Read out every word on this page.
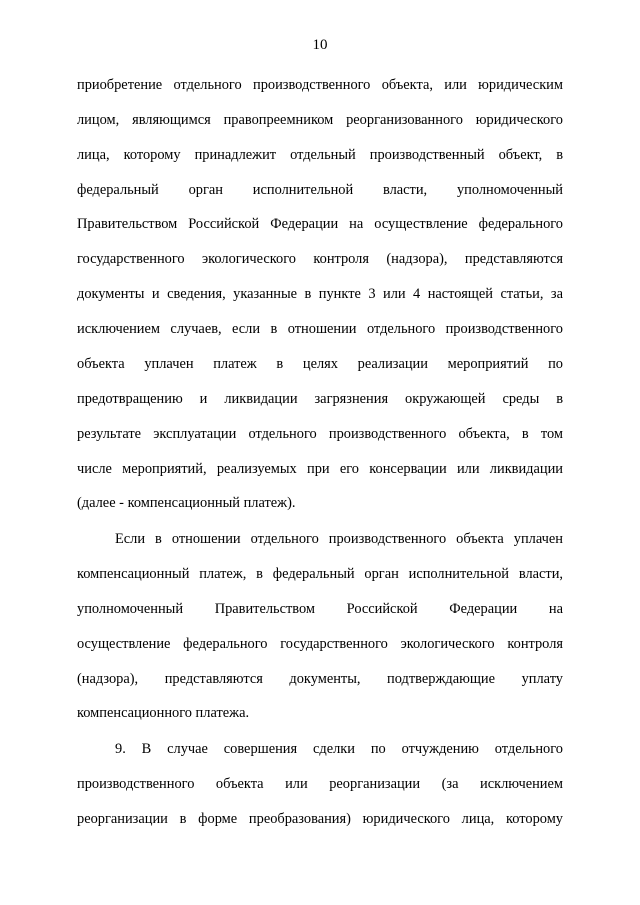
10
приобретение отдельного производственного объекта, или юридическим
лицом, являющимся правопреемником реорганизованного юридического
лица, которому принадлежит отдельный производственный объект, в
федеральный орган исполнительной власти, уполномоченный
Правительством Российской Федерации на осуществление федерального
государственного экологического контроля (надзора), представляются
документы и сведения, указанные в пункте 3 или 4 настоящей статьи, за
исключением случаев, если в отношении отдельного производственного
объекта уплачен платеж в целях реализации мероприятий по
предотвращению и ликвидации загрязнения окружающей среды в
результате эксплуатации отдельного производственного объекта, в том
числе мероприятий, реализуемых при его консервации или ликвидации
(далее - компенсационный платеж).
Если в отношении отдельного производственного объекта уплачен
компенсационный платеж, в федеральный орган исполнительной власти,
уполномоченный Правительством Российской Федерации на
осуществление федерального государственного экологического контроля
(надзора), представляются документы, подтверждающие уплату
компенсационного платежа.
9. В случае совершения сделки по отчуждению отдельного
производственного объекта или реорганизации (за исключением
реорганизации в форме преобразования) юридического лица, которому
